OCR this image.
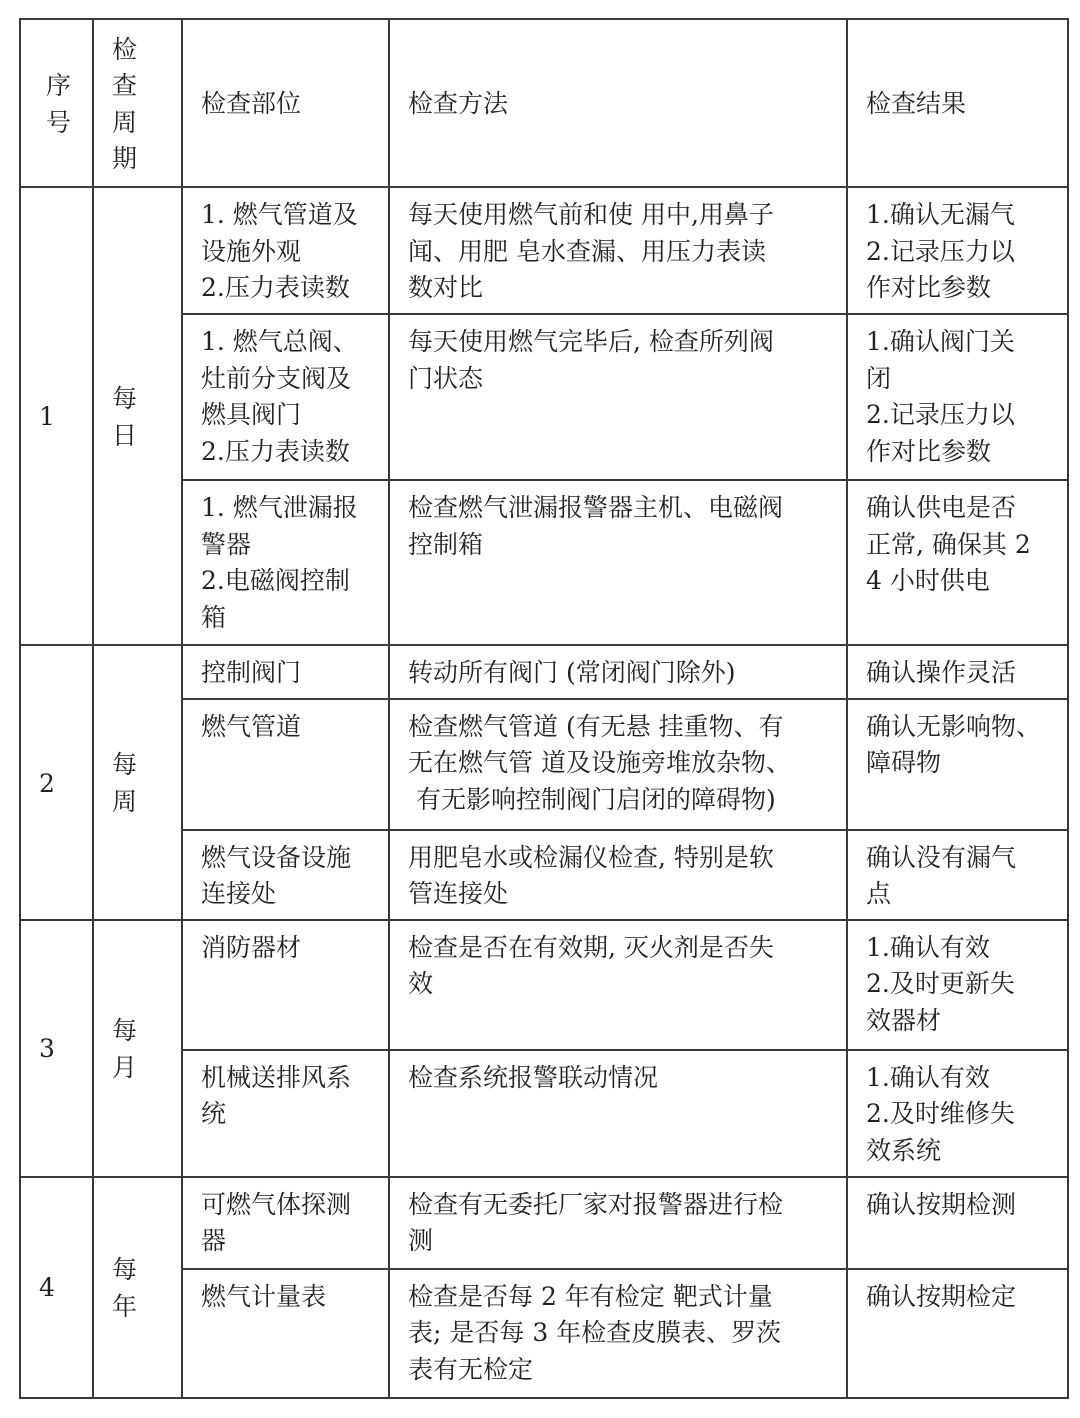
序号	检查周期	检查部位	检查方法	检查结果
1	每日	1. 燃气管道及
设施外观
2.压力表读数	每天使用燃气前和使 用中,用鼻子
闻、用肥 皂水查漏、用压力表读
数对比	1.确认无漏气
2.记录压力以
作对比参数

		1. 燃气总阀、
灶前分支阀及
燃具阀门
2.压力表读数	每天使用燃气完毕后, 检查所列阀
门状态	1.确认阀门关
闭
2.记录压力以
作对比参数

		1. 燃气泄漏报
警器
2.电磁阀控制
箱	检查燃气泄漏报警器主机、电磁阀
控制箱	确认供电是否
正常, 确保其 2
4 小时供电

2	每周	控制阀门	转动所有阀门 (常闭阀门除外)	确认操作灵活

		燃气管道	检查燃气管道 (有无悬 挂重物、有
无在燃气管 道及设施旁堆放杂物、
有无影响控制阀门启闭的障碍物)	确认无影响物、
障碍物

		燃气设备设施
连接处	用肥皂水或检漏仪检查, 特别是软
管连接处	确认没有漏气
点

3	每月	消防器材	检查是否在有效期, 灭火剂是否失
效	1.确认有效
2.及时更新失
效器材

		机械送排风系
统	检查系统报警联动情况	1.确认有效
2.及时维修失
效系统

4	每年	可燃气体探测
器	检查有无委托厂家对报警器进行检
测	确认按期检测

		燃气计量表	检查是否每 2 年有检定 靶式计量
表; 是否每 3 年检查皮膜表、罗茨
表有无检定	确认按期检定
